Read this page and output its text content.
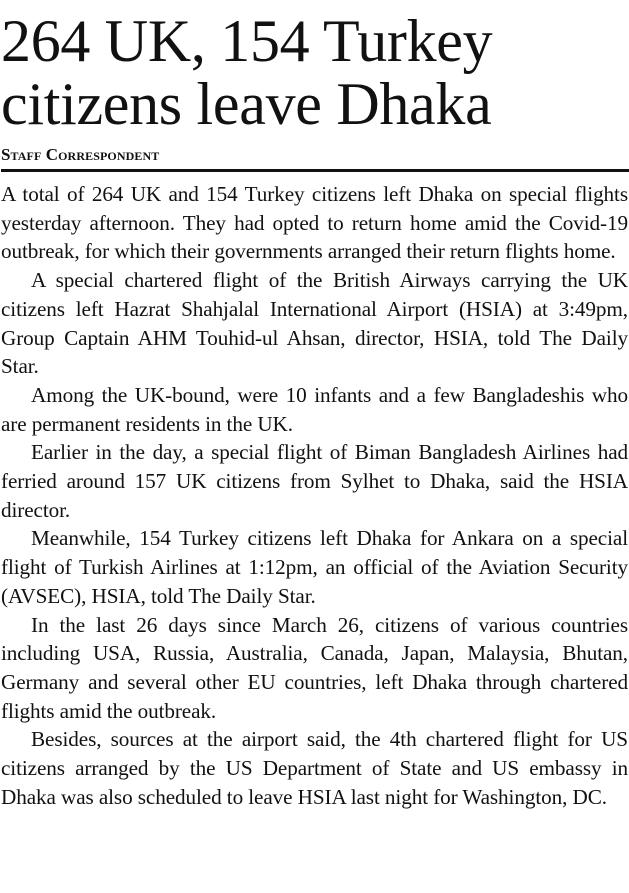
264 UK, 154 Turkey
citizens leave Dhaka
Staff Correspondent

A total of 264 UK and 154 Turkey citizens left Dhaka on special flights yesterday afternoon. They had opted to return home amid the Covid-19 outbreak, for which their governments arranged their return flights home.

A special chartered flight of the British Airways carrying the UK citizens left Hazrat Shahjalal International Airport (HSIA) at 3:49pm, Group Captain AHM Touhid-ul Ahsan, director, HSIA, told The Daily Star.

Among the UK-bound, were 10 infants and a few Bangladeshis who are permanent residents in the UK.

Earlier in the day, a special flight of Biman Bangladesh Airlines had ferried around 157 UK citizens from Sylhet to Dhaka, said the HSIA director.

Meanwhile, 154 Turkey citizens left Dhaka for Ankara on a special flight of Turkish Airlines at 1:12pm, an official of the Aviation Security (AVSEC), HSIA, told The Daily Star.

In the last 26 days since March 26, citizens of various countries including USA, Russia, Australia, Canada, Japan, Malaysia, Bhutan, Germany and several other EU countries, left Dhaka through chartered flights amid the outbreak.

Besides, sources at the airport said, the 4th chartered flight for US citizens arranged by the US Department of State and US embassy in Dhaka was also scheduled to leave HSIA last night for Washington, DC.
